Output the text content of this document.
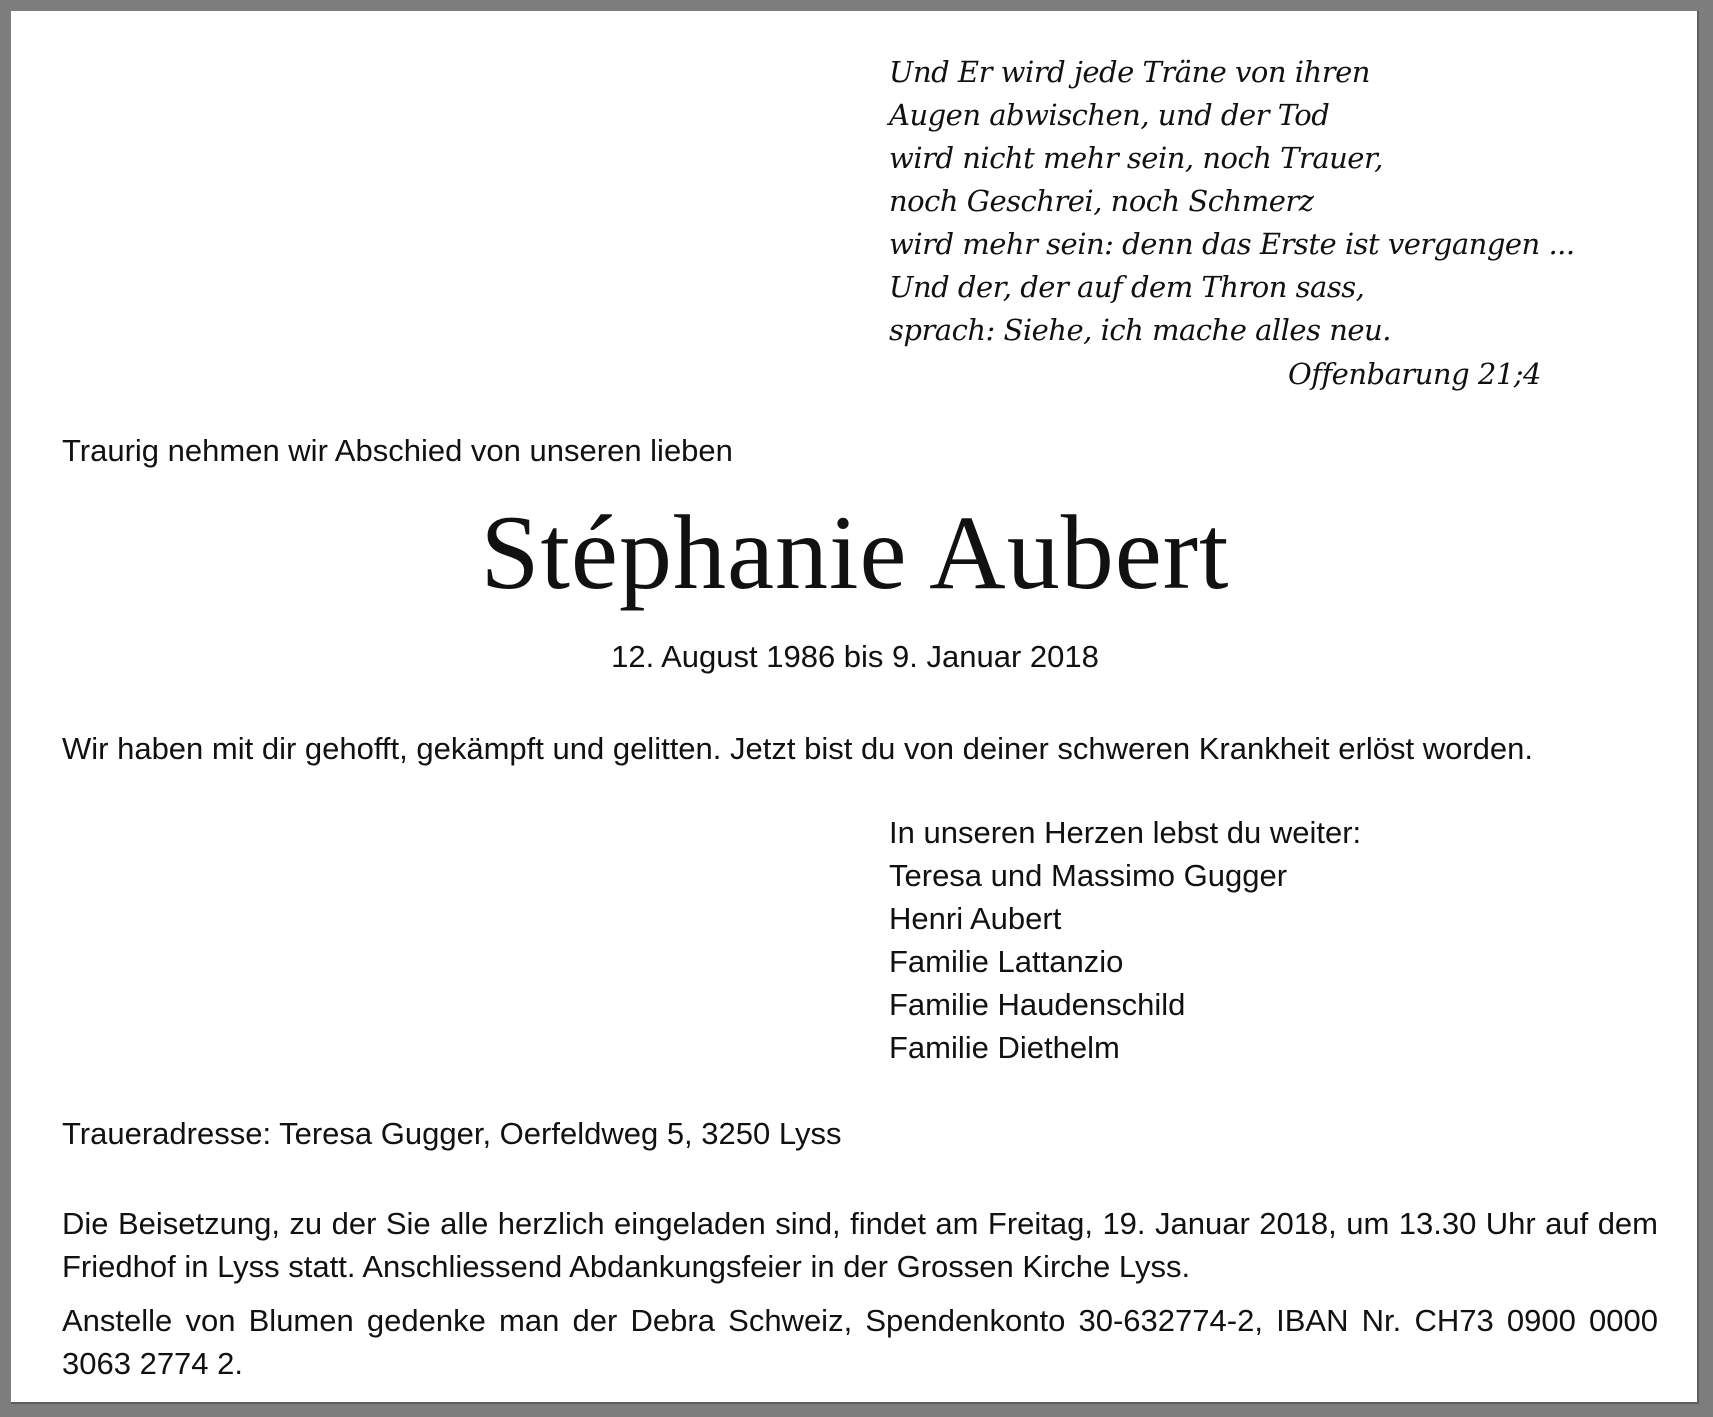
Und Er wird jede Träne von ihren
Augen abwischen, und der Tod
wird nicht mehr sein, noch Trauer,
noch Geschrei, noch Schmerz
wird mehr sein: denn das Erste ist vergangen ...
Und der, der auf dem Thron sass,
sprach: Siehe, ich mache alles neu.
Offenbarung 21;4
Traurig nehmen wir Abschied von unseren lieben
Stéphanie Aubert
12. August 1986 bis 9. Januar 2018
Wir haben mit dir gehofft, gekämpft und gelitten. Jetzt bist du von deiner schweren Krankheit erlöst worden.
In unseren Herzen lebst du weiter:
Teresa und Massimo Gugger
Henri Aubert
Familie Lattanzio
Familie Haudenschild
Familie Diethelm
Traueradresse: Teresa Gugger, Oerfeldweg 5, 3250 Lyss

Die Beisetzung, zu der Sie alle herzlich eingeladen sind, findet am Freitag, 19. Januar 2018, um 13.30 Uhr auf dem Friedhof in Lyss statt. Anschliessend Abdankungsfeier in der Grossen Kirche Lyss.

Anstelle von Blumen gedenke man der Debra Schweiz, Spendenkonto 30-632774-2, IBAN Nr. CH73 0900 0000 3063 2774 2.
